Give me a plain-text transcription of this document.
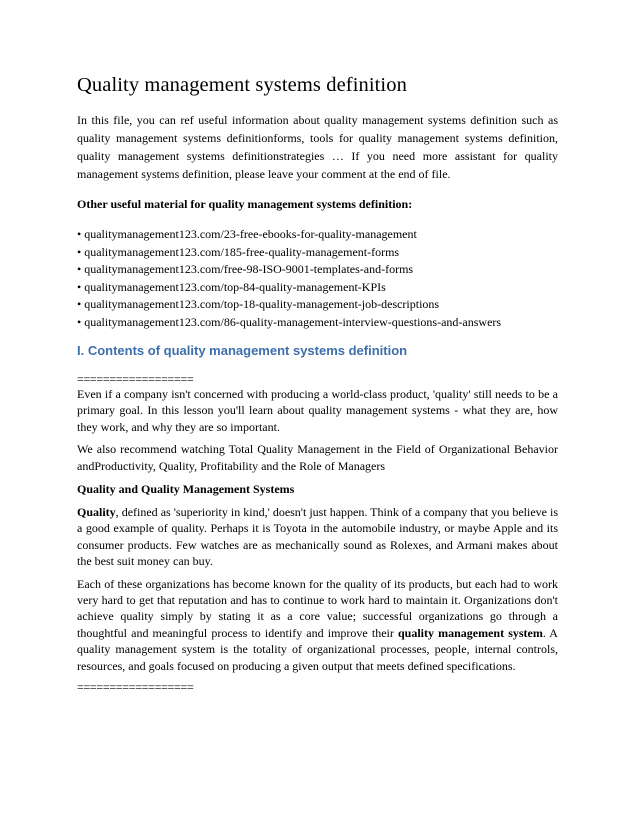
Quality management systems definition

In this file, you can ref useful information about quality management systems definition such as quality management systems definitionforms, tools for quality management systems definition, quality management systems definitionstrategies … If you need more assistant for quality management systems definition, please leave your comment at the end of file.

Other useful material for quality management systems definition:

• qualitymanagement123.com/23-free-ebooks-for-quality-management
• qualitymanagement123.com/185-free-quality-management-forms
• qualitymanagement123.com/free-98-ISO-9001-templates-and-forms
• qualitymanagement123.com/top-84-quality-management-KPIs
• qualitymanagement123.com/top-18-quality-management-job-descriptions
• qualitymanagement123.com/86-quality-management-interview-questions-and-answers
I. Contents of quality management systems definition

==================

Even if a company isn't concerned with producing a world-class product, 'quality' still needs to be a primary goal. In this lesson you'll learn about quality management systems - what they are, how they work, and why they are so important.

We also recommend watching Total Quality Management in the Field of Organizational Behavior andProductivity, Quality, Profitability and the Role of Managers

Quality and Quality Management Systems

Quality, defined as 'superiority in kind,' doesn't just happen. Think of a company that you believe is a good example of quality. Perhaps it is Toyota in the automobile industry, or maybe Apple and its consumer products. Few watches are as mechanically sound as Rolexes, and Armani makes about the best suit money can buy.

Each of these organizations has become known for the quality of its products, but each had to work very hard to get that reputation and has to continue to work hard to maintain it. Organizations don't achieve quality simply by stating it as a core value; successful organizations go through a thoughtful and meaningful process to identify and improve their quality management system. A quality management system is the totality of organizational processes, people, internal controls, resources, and goals focused on producing a given output that meets defined specifications.

==================
